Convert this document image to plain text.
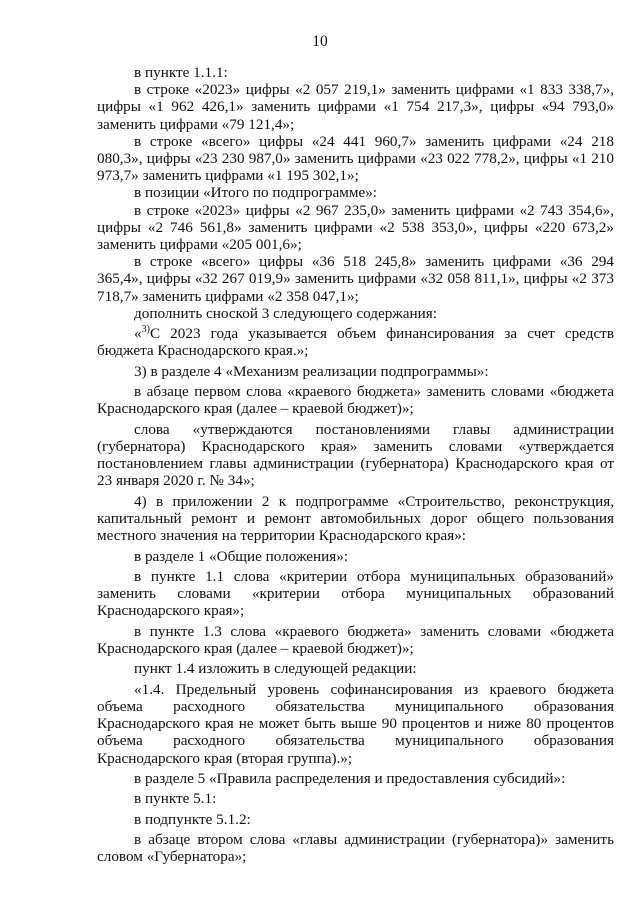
10

в пункте 1.1.1:

в строке «2023» цифры «2 057 219,1» заменить цифрами «1 833 338,7», цифры «1 962 426,1» заменить цифрами «1 754 217,3», цифры «94 793,0» заменить цифрами «79 121,4»;

в строке «всего» цифры «24 441 960,7» заменить цифрами «24 218 080,3», цифры «23 230 987,0» заменить цифрами «23 022 778,2», цифры «1 210 973,7» заменить цифрами «1 195 302,1»;

в позиции «Итого по подпрограмме»:

в строке «2023» цифры «2 967 235,0» заменить цифрами «2 743 354,6», цифры «2 746 561,8» заменить цифрами «2 538 353,0», цифры «220 673,2» заменить цифрами «205 001,6»;

в строке «всего» цифры «36 518 245,8» заменить цифрами «36 294 365,4», цифры «32 267 019,9» заменить цифрами «32 058 811,1», цифры «2 373 718,7» заменить цифрами «2 358 047,1»;

дополнить сноской 3 следующего содержания:

«$^{3)}$С 2023 года указывается объем финансирования за счет средств бюджета Краснодарского края.»;

3) в разделе 4 «Механизм реализации подпрограммы»:

в абзаце первом слова «краевого бюджета» заменить словами «бюджета Краснодарского края (далее – краевой бюджет)»;

слова «утверждаются постановлениями главы администрации (губернатора) Краснодарского края» заменить словами «утверждается постановлением главы администрации (губернатора) Краснодарского края от 23 января 2020 г. № 34»;

4) в приложении 2 к подпрограмме «Строительство, реконструкция, капитальный ремонт и ремонт автомобильных дорог общего пользования местного значения на территории Краснодарского края»:

в разделе 1 «Общие положения»:

в пункте 1.1 слова «критерии отбора муниципальных образований» заменить словами «критерии отбора муниципальных образований Краснодарского края»;

в пункте 1.3 слова «краевого бюджета» заменить словами «бюджета Краснодарского края (далее – краевой бюджет)»;

пункт 1.4 изложить в следующей редакции:

«1.4. Предельный уровень софинансирования из краевого бюджета объема расходного обязательства муниципального образования Краснодарского края не может быть выше 90 процентов и ниже 80 процентов объема расходного обязательства муниципального образования Краснодарского края (вторая группа).»;

в разделе 5 «Правила распределения и предоставления субсидий»:

в пункте 5.1:

в подпункте 5.1.2:

в абзаце втором слова «главы администрации (губернатора)» заменить словом «Губернатора»;
